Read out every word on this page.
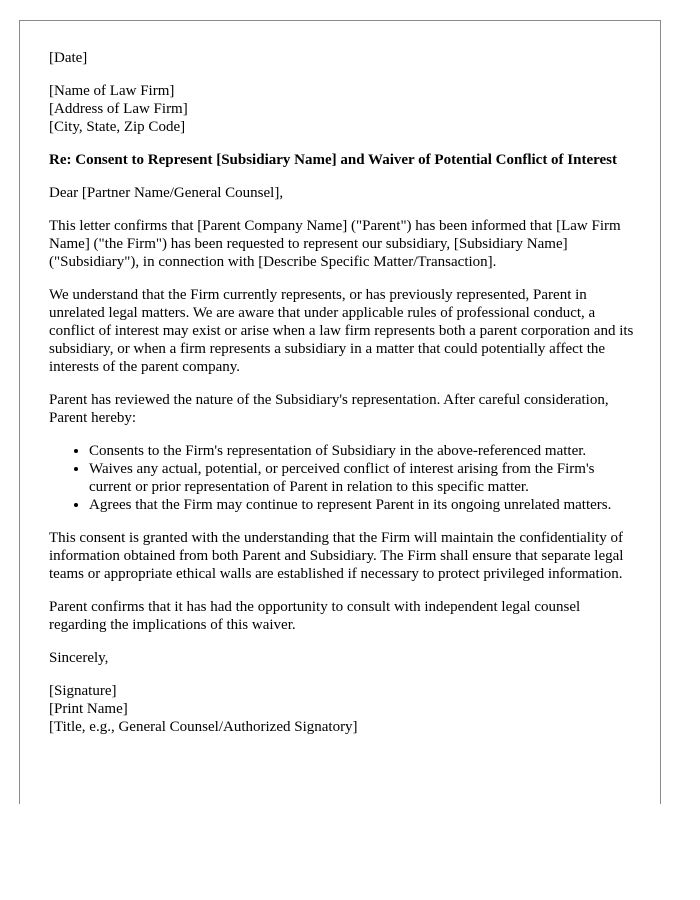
[Date]

[Name of Law Firm]
[Address of Law Firm]
[City, State, Zip Code]

Re: Consent to Represent [Subsidiary Name] and Waiver of Potential Conflict of Interest

Dear [Partner Name/General Counsel],

This letter confirms that [Parent Company Name] ("Parent") has been informed that [Law Firm Name] ("the Firm") has been requested to represent our subsidiary, [Subsidiary Name] ("Subsidiary"), in connection with [Describe Specific Matter/Transaction].

We understand that the Firm currently represents, or has previously represented, Parent in unrelated legal matters. We are aware that under applicable rules of professional conduct, a conflict of interest may exist or arise when a law firm represents both a parent corporation and its subsidiary, or when a firm represents a subsidiary in a matter that could potentially affect the interests of the parent company.

Parent has reviewed the nature of the Subsidiary's representation. After careful consideration, Parent hereby:

• Consents to the Firm's representation of Subsidiary in the above-referenced matter.
• Waives any actual, potential, or perceived conflict of interest arising from the Firm's current or prior representation of Parent in relation to this specific matter.
• Agrees that the Firm may continue to represent Parent in its ongoing unrelated matters.

This consent is granted with the understanding that the Firm will maintain the confidentiality of information obtained from both Parent and Subsidiary. The Firm shall ensure that separate legal teams or appropriate ethical walls are established if necessary to protect privileged information.

Parent confirms that it has had the opportunity to consult with independent legal counsel regarding the implications of this waiver.

Sincerely,

[Signature]
[Print Name]
[Title, e.g., General Counsel/Authorized Signatory]
